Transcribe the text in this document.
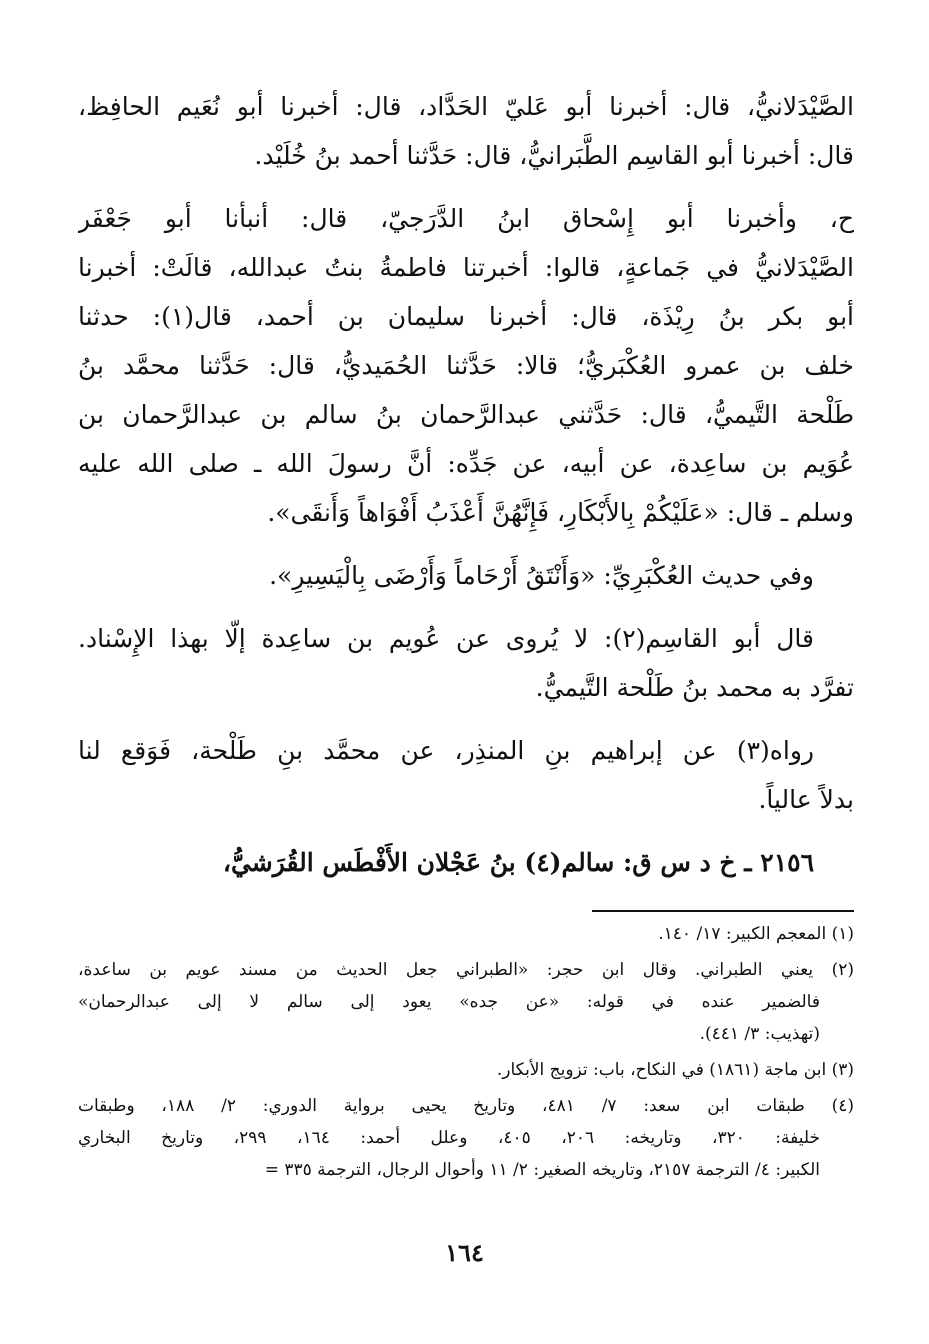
الصَّيْدَلانيُّ، قال: أخبرنا أبو عَليّ الحَدَّاد، قال: أخبرنا أبو نُعَيم الحافِظ،
قال: أخبرنا أبو القاسِم الطَّبَرانيُّ، قال: حَدَّثنا أحمد بنُ خُلَيْد.
ح، وأخبرنا أبو إِسْحاق ابنُ الدَّرَجيّ، قال: أنبأنا أبو جَعْفَر
الصَّيْدَلانيُّ في جَماعةٍ، قالوا: أخبرتنا فاطمةُ بنتُ عبدالله، قالَتْ: أخبرنا
أبو بكر بنُ رِيْذَة، قال: أخبرنا سليمان بن أحمد، قال(١): حدثنا
خلف بن عمرو العُكْبَريُّ؛ قالا: حَدَّثنا الحُمَيديُّ، قال: حَدَّثنا محمَّد بنُ
طَلْحة التَّيميُّ، قال: حَدَّثني عبدالرَّحمان بنُ سالم بن عبدالرَّحمان بن
عُوَيم بن ساعِدة، عن أبيه، عن جَدِّه: أنَّ رسولَ الله ـ صلى الله عليه
وسلم ـ قال: «عَلَيْكُمْ بِالأَبْكَارِ، فَإِنَّهُنَّ أَعْذَبُ أَفْوَاهاً وَأَنقَى».
وفي حديث العُكْبَرِيِّ: «وَأَنْتَقُ أَرْحَاماً وَأَرْضَى بِالْيَسِيرِ».
قال أبو القاسِم(٢): لا يُروى عن عُويم بن ساعِدة إلّا بهذا الإِسْناد.
تفرَّد به محمد بنُ طَلْحة التَّيميُّ.
رواه(٣) عن إبراهيم بنِ المنذِر، عن محمَّد بنِ طَلْحة، فَوَقع لنا
بدلاً عالياً.
٢١٥٦ ـ خ د س ق: سالم(٤) بنُ عَجْلان الأَفْطَس القُرَشيُّ،
(١) المعجم الكبير: ١٧/ ١٤٠.
(٢) يعني الطبراني. وقال ابن حجر: «الطبراني جعل الحديث من مسند عويم بن ساعدة،
فالضمير عنده في قوله: «عن جده» يعود إلى سالم لا إلى عبدالرحمان»
(تهذيب: ٣/ ٤٤١).
(٣) ابن ماجة (١٨٦١) في النكاح، باب: تزويج الأبكار.
(٤) طبقات ابن سعد: ٧/ ٤٨١، وتاريخ يحيى برواية الدوري: ٢/ ١٨٨، وطبقات
خليفة: ٣٢٠، وتاريخه: ٢٠٦، ٤٠٥، وعلل أحمد: ١٦٤، ٢٩٩، وتاريخ البخاري
الكبير: ٤/ الترجمة ٢١٥٧، وتاريخه الصغير: ٢/ ١١ وأحوال الرجال، الترجمة ٣٣٥ =
١٦٤
